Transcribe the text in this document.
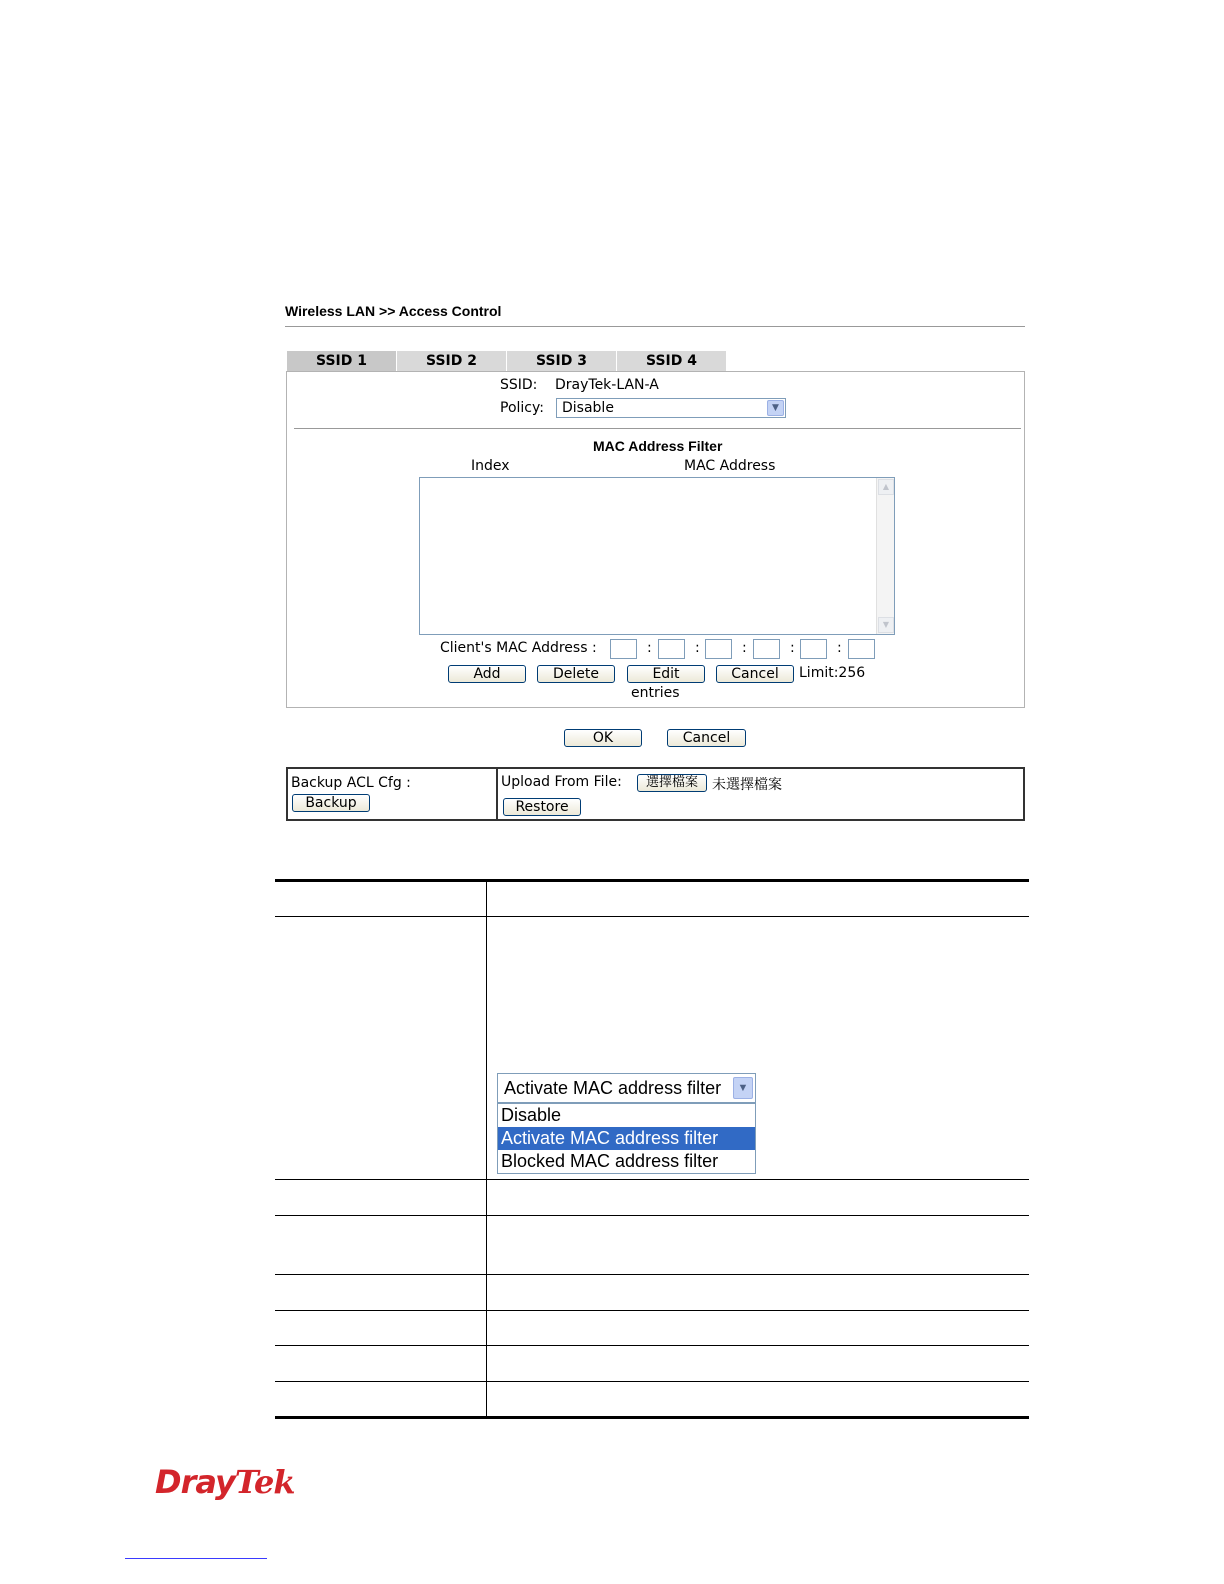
Wireless LAN >> Access Control
SSID 1	SSID 2	SSID 3	SSID 4
SSID: DrayTek-LAN-A
Policy:	Disable	▼
MAC Address Filter
Index	MAC Address
▲
▼
Client's MAC Address :	:	:	:	:	:
Add	Delete	Edit	Cancel	Limit:256
entries
OK	Cancel
Backup ACL Cfg :
Backup
Upload From File:	選擇檔案	未選擇檔案
Restore
Activate MAC address filter	▼
Disable
Activate MAC address filter
Blocked MAC address filter
DrayTek
